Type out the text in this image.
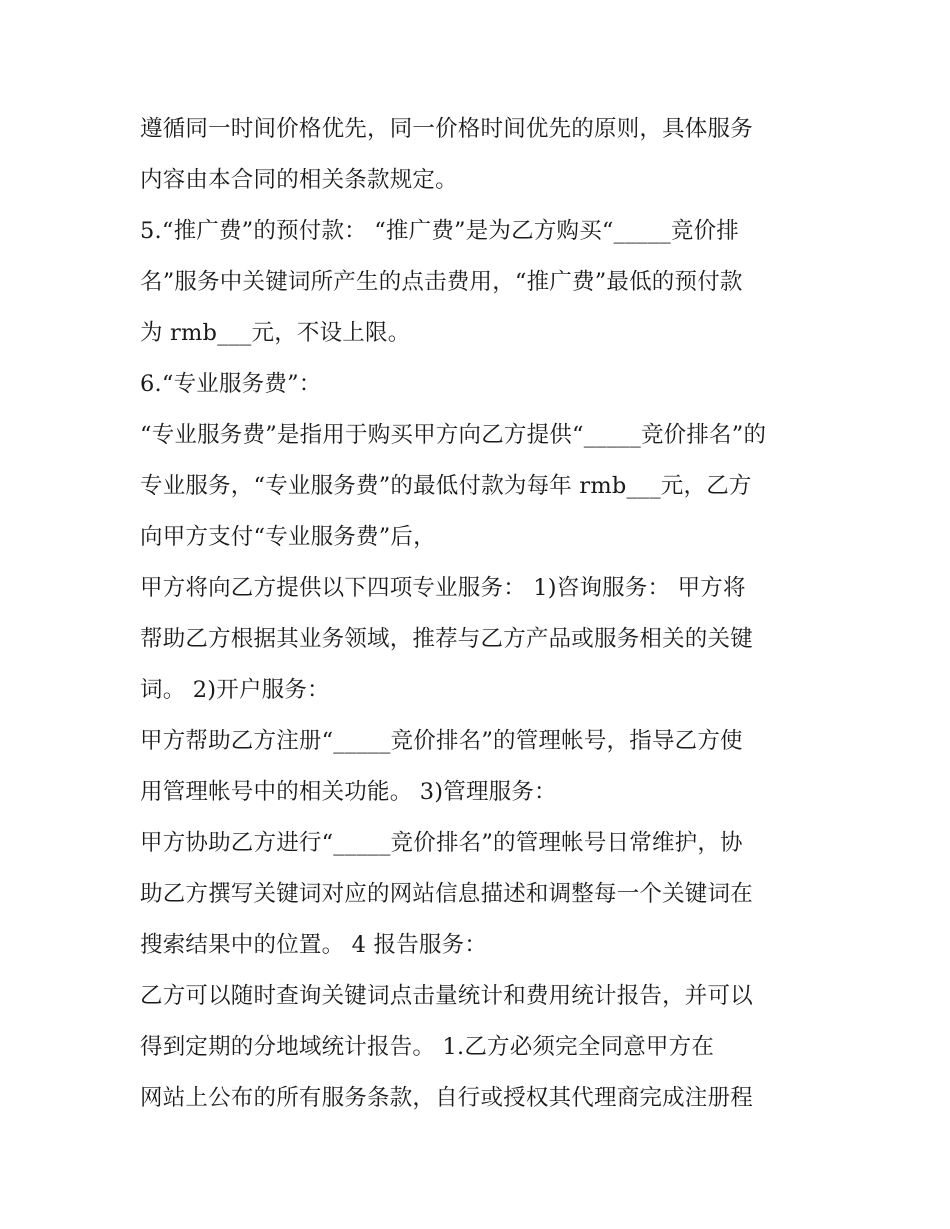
遵循同一时间价格优先，同一价格时间优先的原则，具体服务
内容由本合同的相关条款规定。
5.“推广费”的预付款： “推广费”是为乙方购买“_____竞价排
名”服务中关键词所产生的点击费用，“推广费”最低的预付款
为 rmb___元，不设上限。
6.“专业服务费”：
“专业服务费”是指用于购买甲方向乙方提供“_____竞价排名”的
专业服务，“专业服务费”的最低付款为每年 rmb___元，乙方
向甲方支付“专业服务费”后，
甲方将向乙方提供以下四项专业服务： 1)咨询服务： 甲方将
帮助乙方根据其业务领域，推荐与乙方产品或服务相关的关键
词。 2)开户服务：
甲方帮助乙方注册“_____竞价排名”的管理帐号，指导乙方使
用管理帐号中的相关功能。 3)管理服务：
甲方协助乙方进行“_____竞价排名”的管理帐号日常维护，协
助乙方撰写关键词对应的网站信息描述和调整每一个关键词在
搜索结果中的位置。 4 报告服务：
乙方可以随时查询关键词点击量统计和费用统计报告，并可以
得到定期的分地域统计报告。 1.乙方必须完全同意甲方在
网站上公布的所有服务条款，自行或授权其代理商完成注册程
